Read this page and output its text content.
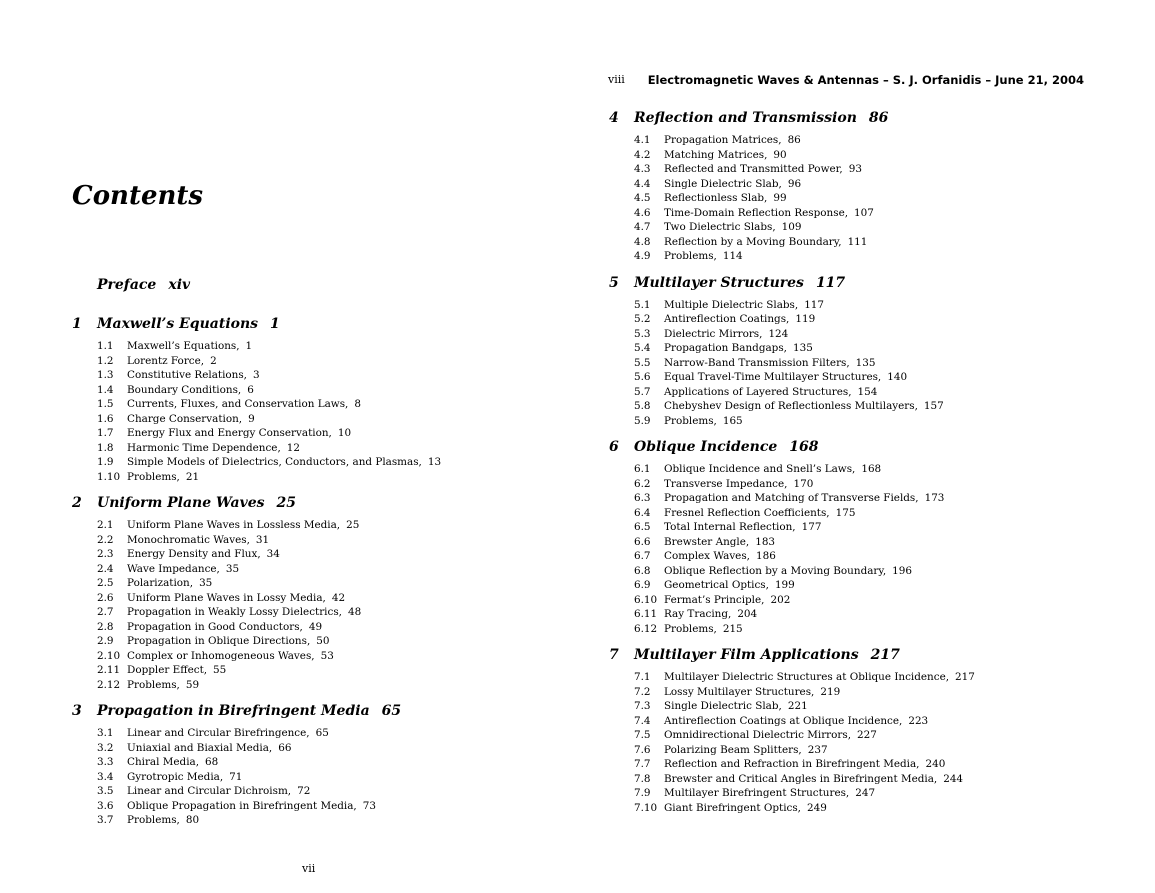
Contents
Preface xiv
1 Maxwell’s Equations 1
1.1 Maxwell’s Equations, 1
1.2 Lorentz Force, 2
1.3 Constitutive Relations, 3
1.4 Boundary Conditions, 6
1.5 Currents, Fluxes, and Conservation Laws, 8
1.6 Charge Conservation, 9
1.7 Energy Flux and Energy Conservation, 10
1.8 Harmonic Time Dependence, 12
1.9 Simple Models of Dielectrics, Conductors, and Plasmas, 13
1.10 Problems, 21
2 Uniform Plane Waves 25
2.1 Uniform Plane Waves in Lossless Media, 25
2.2 Monochromatic Waves, 31
2.3 Energy Density and Flux, 34
2.4 Wave Impedance, 35
2.5 Polarization, 35
2.6 Uniform Plane Waves in Lossy Media, 42
2.7 Propagation in Weakly Lossy Dielectrics, 48
2.8 Propagation in Good Conductors, 49
2.9 Propagation in Oblique Directions, 50
2.10 Complex or Inhomogeneous Waves, 53
2.11 Doppler Effect, 55
2.12 Problems, 59
3 Propagation in Birefringent Media 65
3.1 Linear and Circular Birefringence, 65
3.2 Uniaxial and Biaxial Media, 66
3.3 Chiral Media, 68
3.4 Gyrotropic Media, 71
3.5 Linear and Circular Dichroism, 72
3.6 Oblique Propagation in Birefringent Media, 73
3.7 Problems, 80
vii
viii Electromagnetic Waves & Antennas – S. J. Orfanidis – June 21, 2004
4 Reflection and Transmission 86
4.1 Propagation Matrices, 86
4.2 Matching Matrices, 90
4.3 Reflected and Transmitted Power, 93
4.4 Single Dielectric Slab, 96
4.5 Reflectionless Slab, 99
4.6 Time-Domain Reflection Response, 107
4.7 Two Dielectric Slabs, 109
4.8 Reflection by a Moving Boundary, 111
4.9 Problems, 114
5 Multilayer Structures 117
5.1 Multiple Dielectric Slabs, 117
5.2 Antireflection Coatings, 119
5.3 Dielectric Mirrors, 124
5.4 Propagation Bandgaps, 135
5.5 Narrow-Band Transmission Filters, 135
5.6 Equal Travel-Time Multilayer Structures, 140
5.7 Applications of Layered Structures, 154
5.8 Chebyshev Design of Reflectionless Multilayers, 157
5.9 Problems, 165
6 Oblique Incidence 168
6.1 Oblique Incidence and Snell’s Laws, 168
6.2 Transverse Impedance, 170
6.3 Propagation and Matching of Transverse Fields, 173
6.4 Fresnel Reflection Coefficients, 175
6.5 Total Internal Reflection, 177
6.6 Brewster Angle, 183
6.7 Complex Waves, 186
6.8 Oblique Reflection by a Moving Boundary, 196
6.9 Geometrical Optics, 199
6.10 Fermat’s Principle, 202
6.11 Ray Tracing, 204
6.12 Problems, 215
7 Multilayer Film Applications 217
7.1 Multilayer Dielectric Structures at Oblique Incidence, 217
7.2 Lossy Multilayer Structures, 219
7.3 Single Dielectric Slab, 221
7.4 Antireflection Coatings at Oblique Incidence, 223
7.5 Omnidirectional Dielectric Mirrors, 227
7.6 Polarizing Beam Splitters, 237
7.7 Reflection and Refraction in Birefringent Media, 240
7.8 Brewster and Critical Angles in Birefringent Media, 244
7.9 Multilayer Birefringent Structures, 247
7.10 Giant Birefringent Optics, 249
